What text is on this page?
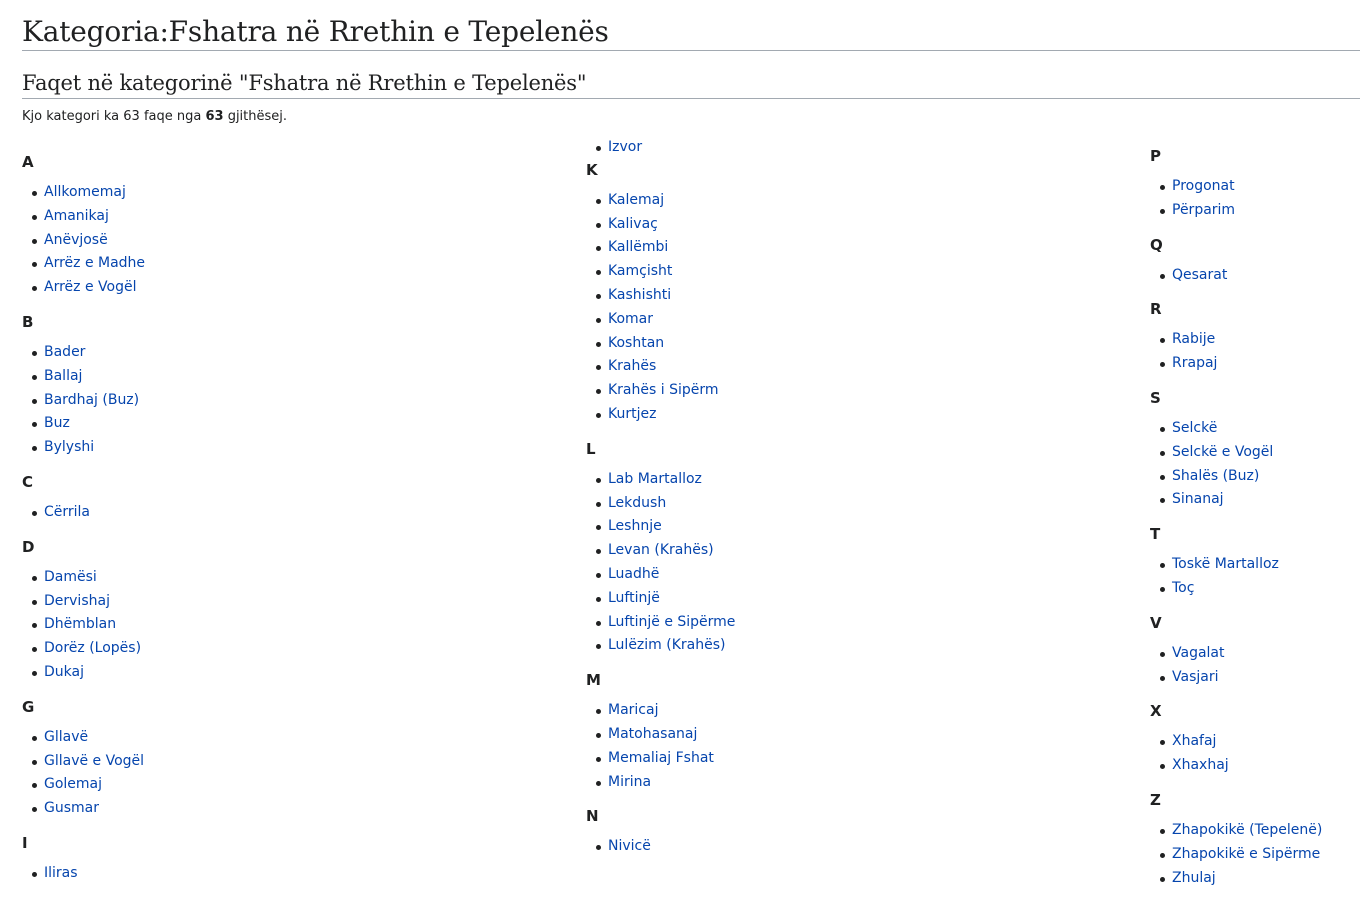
Kategoria:Fshatra në Rrethin e Tepelenës
Faqet në kategorinë "Fshatra në Rrethin e Tepelenës"

Kjo kategori ka 63 faqe nga 63 gjithësej.

A
Allkomemaj
Amanikaj
Anëvjosë
Arrëz e Madhe
Arrëz e Vogël
B
Bader
Ballaj
Bardhaj (Buz)
Buz
Bylyshi
C
Cërrila
D
Damësi
Dervishaj
Dhëmblan
Dorëz (Lopës)
Dukaj
G
Gllavë
Gllavë e Vogël
Golemaj
Gusmar
I
Iliras
Izvor
K
Kalemaj
Kalivaç
Kallëmbi
Kamçisht
Kashishti
Komar
Koshtan
Krahës
Krahës i Sipërm
Kurtjez
L
Lab Martalloz
Lekdush
Leshnje
Levan (Krahës)
Luadhë
Luftinjë
Luftinjë e Sipërme
Lulëzim (Krahës)
M
Maricaj
Matohasanaj
Memaliaj Fshat
Mirina
N
Nivicë
P
Progonat
Përparim
Q
Qesarat
R
Rabije
Rrapaj
S
Selckë
Selckë e Vogël
Shalës (Buz)
Sinanaj
T
Toskë Martalloz
Toç
V
Vagalat
Vasjari
X
Xhafaj
Xhaxhaj
Z
Zhapokikë (Tepelenë)
Zhapokikë e Sipërme
Zhulaj
